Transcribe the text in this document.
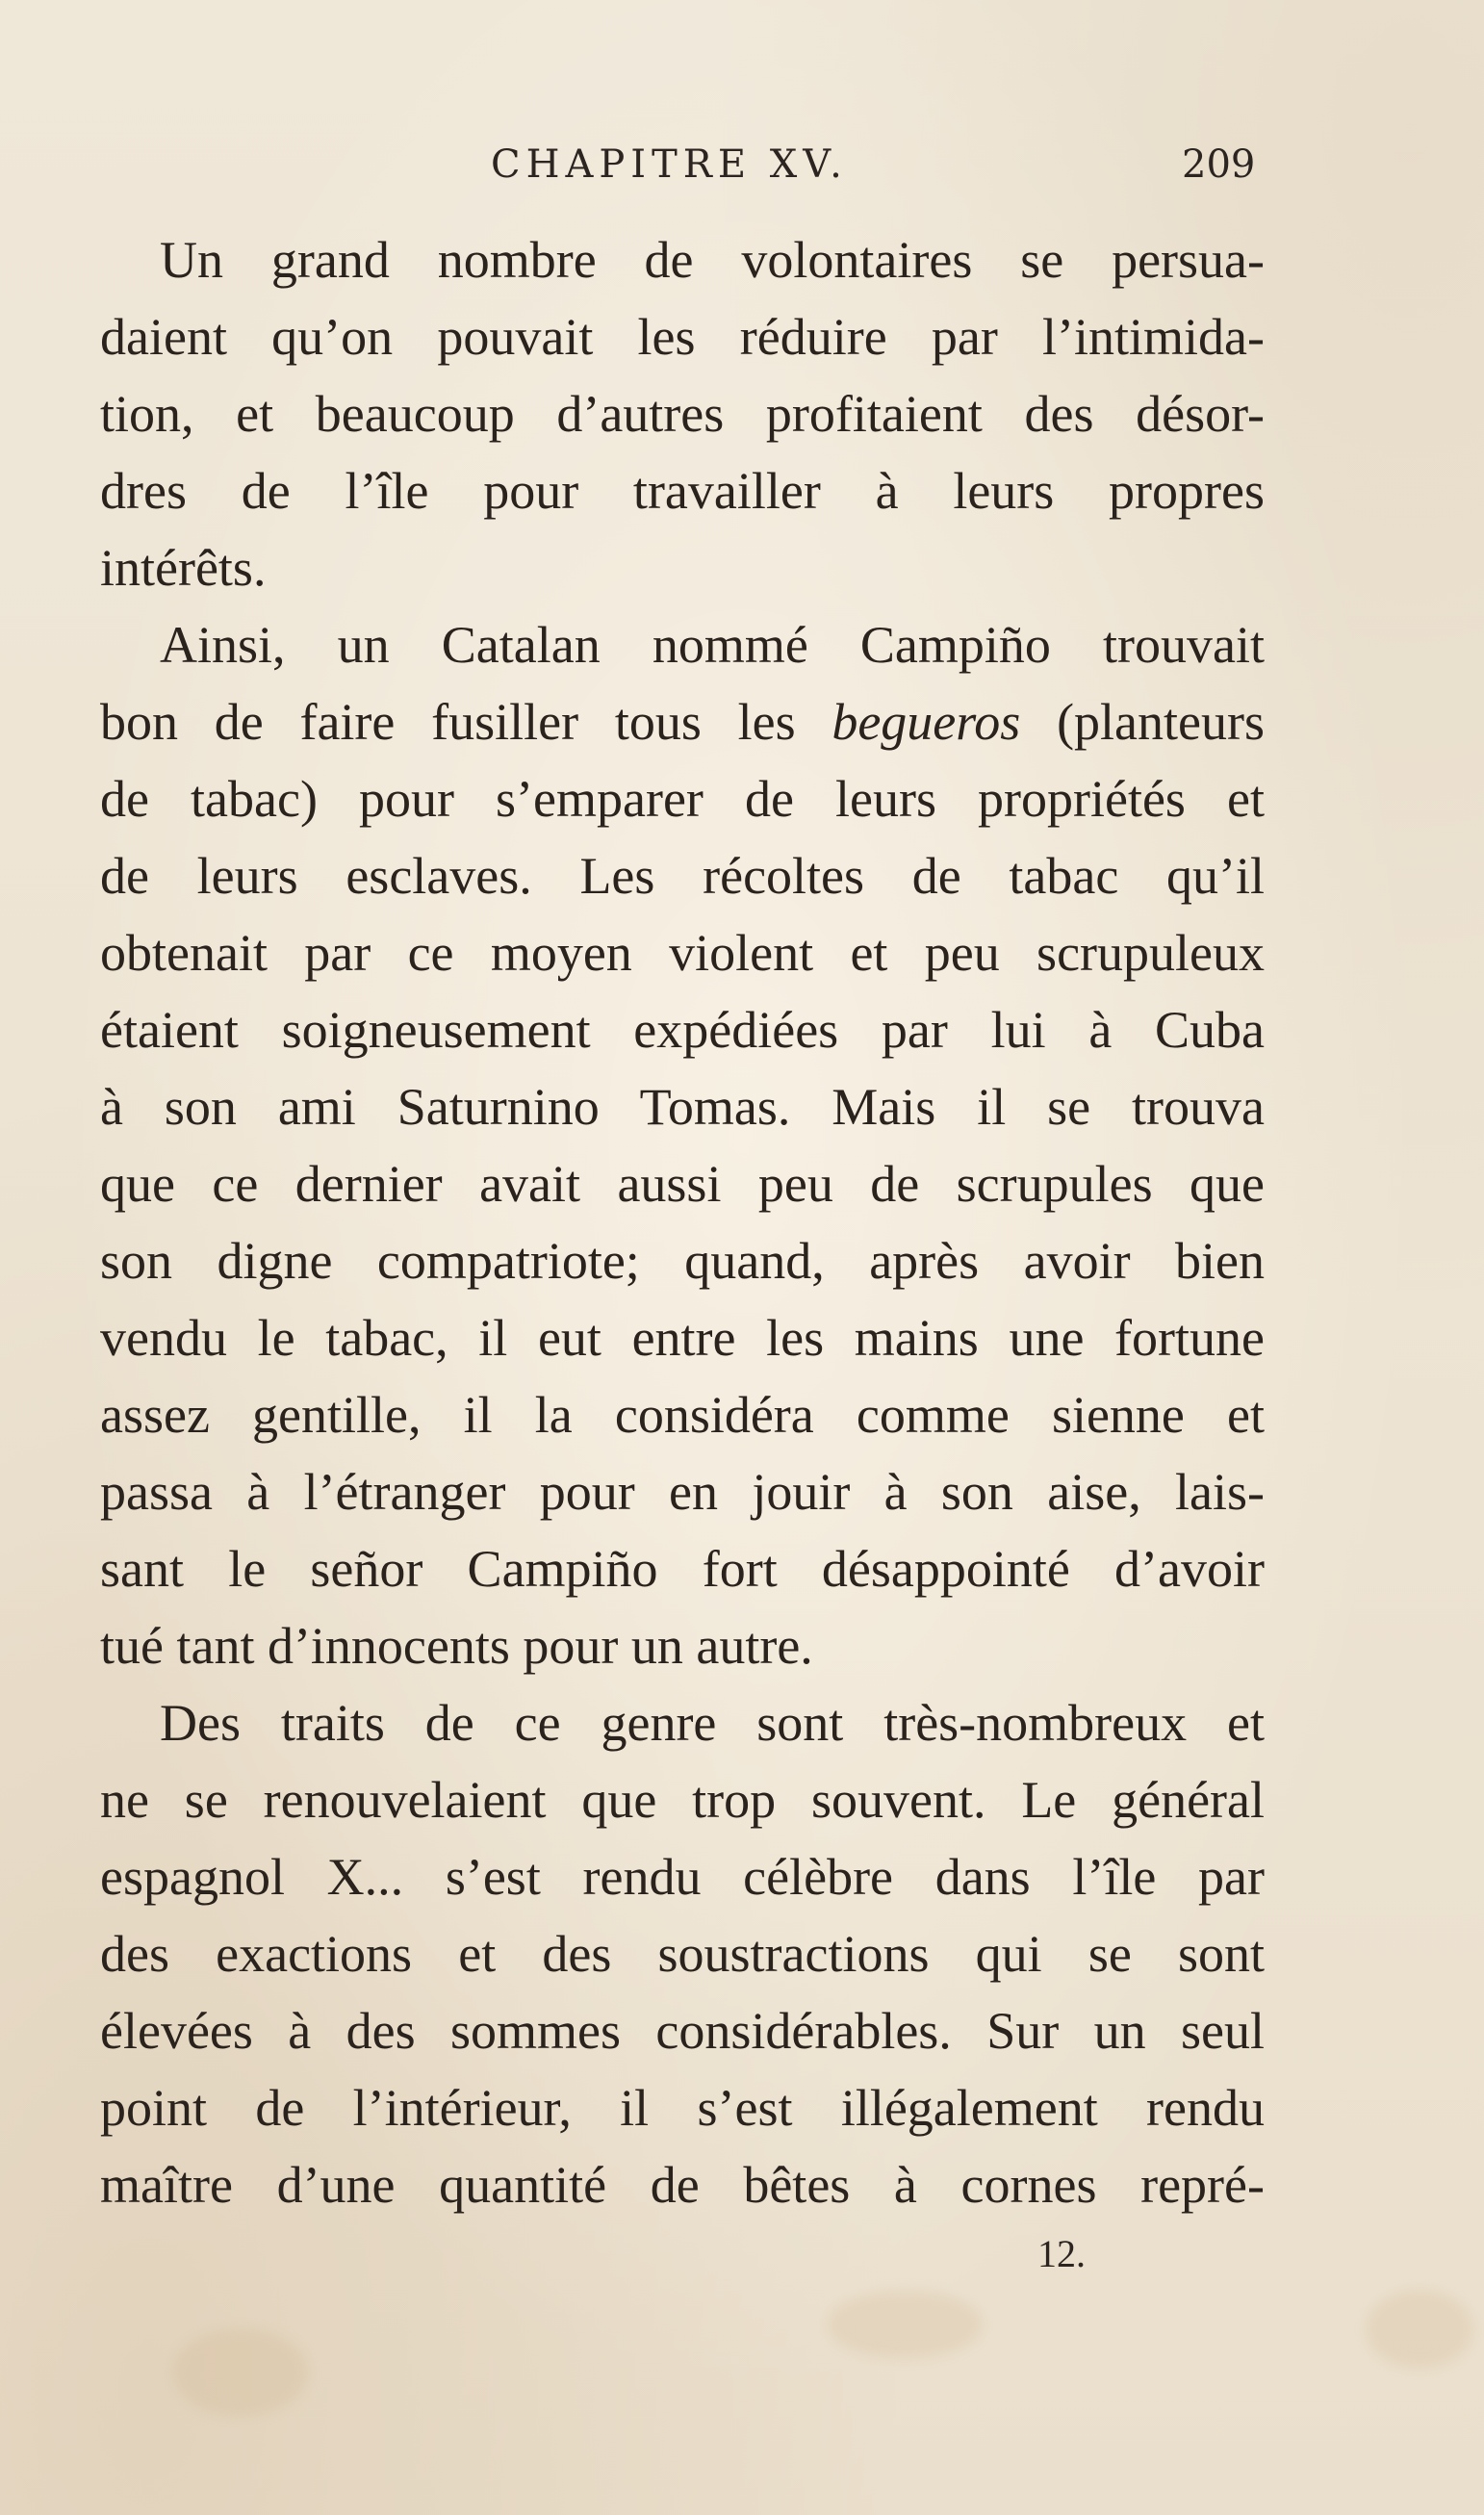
CHAPITRE XV.	209
Un grand nombre de volontaires se persua-
daient qu’on pouvait les réduire par l’intimida-
tion, et beaucoup d’autres profitaient des désor-
dres de l’île pour travailler à leurs propres
intérêts.
Ainsi, un Catalan nommé Campiño trouvait
bon de faire fusiller tous les begueros (planteurs
de tabac) pour s’emparer de leurs propriétés et
de leurs esclaves. Les récoltes de tabac qu’il
obtenait par ce moyen violent et peu scrupuleux
étaient soigneusement expédiées par lui à Cuba
à son ami Saturnino Tomas. Mais il se trouva
que ce dernier avait aussi peu de scrupules que
son digne compatriote; quand, après avoir bien
vendu le tabac, il eut entre les mains une fortune
assez gentille, il la considéra comme sienne et
passa à l’étranger pour en jouir à son aise, lais-
sant le señor Campiño fort désappointé d’avoir
tué tant d’innocents pour un autre.
Des traits de ce genre sont très-nombreux et
ne se renouvelaient que trop souvent. Le général
espagnol X... s’est rendu célèbre dans l’île par
des exactions et des soustractions qui se sont
élevées à des sommes considérables. Sur un seul
point de l’intérieur, il s’est illégalement rendu
maître d’une quantité de bêtes à cornes repré-
12.
